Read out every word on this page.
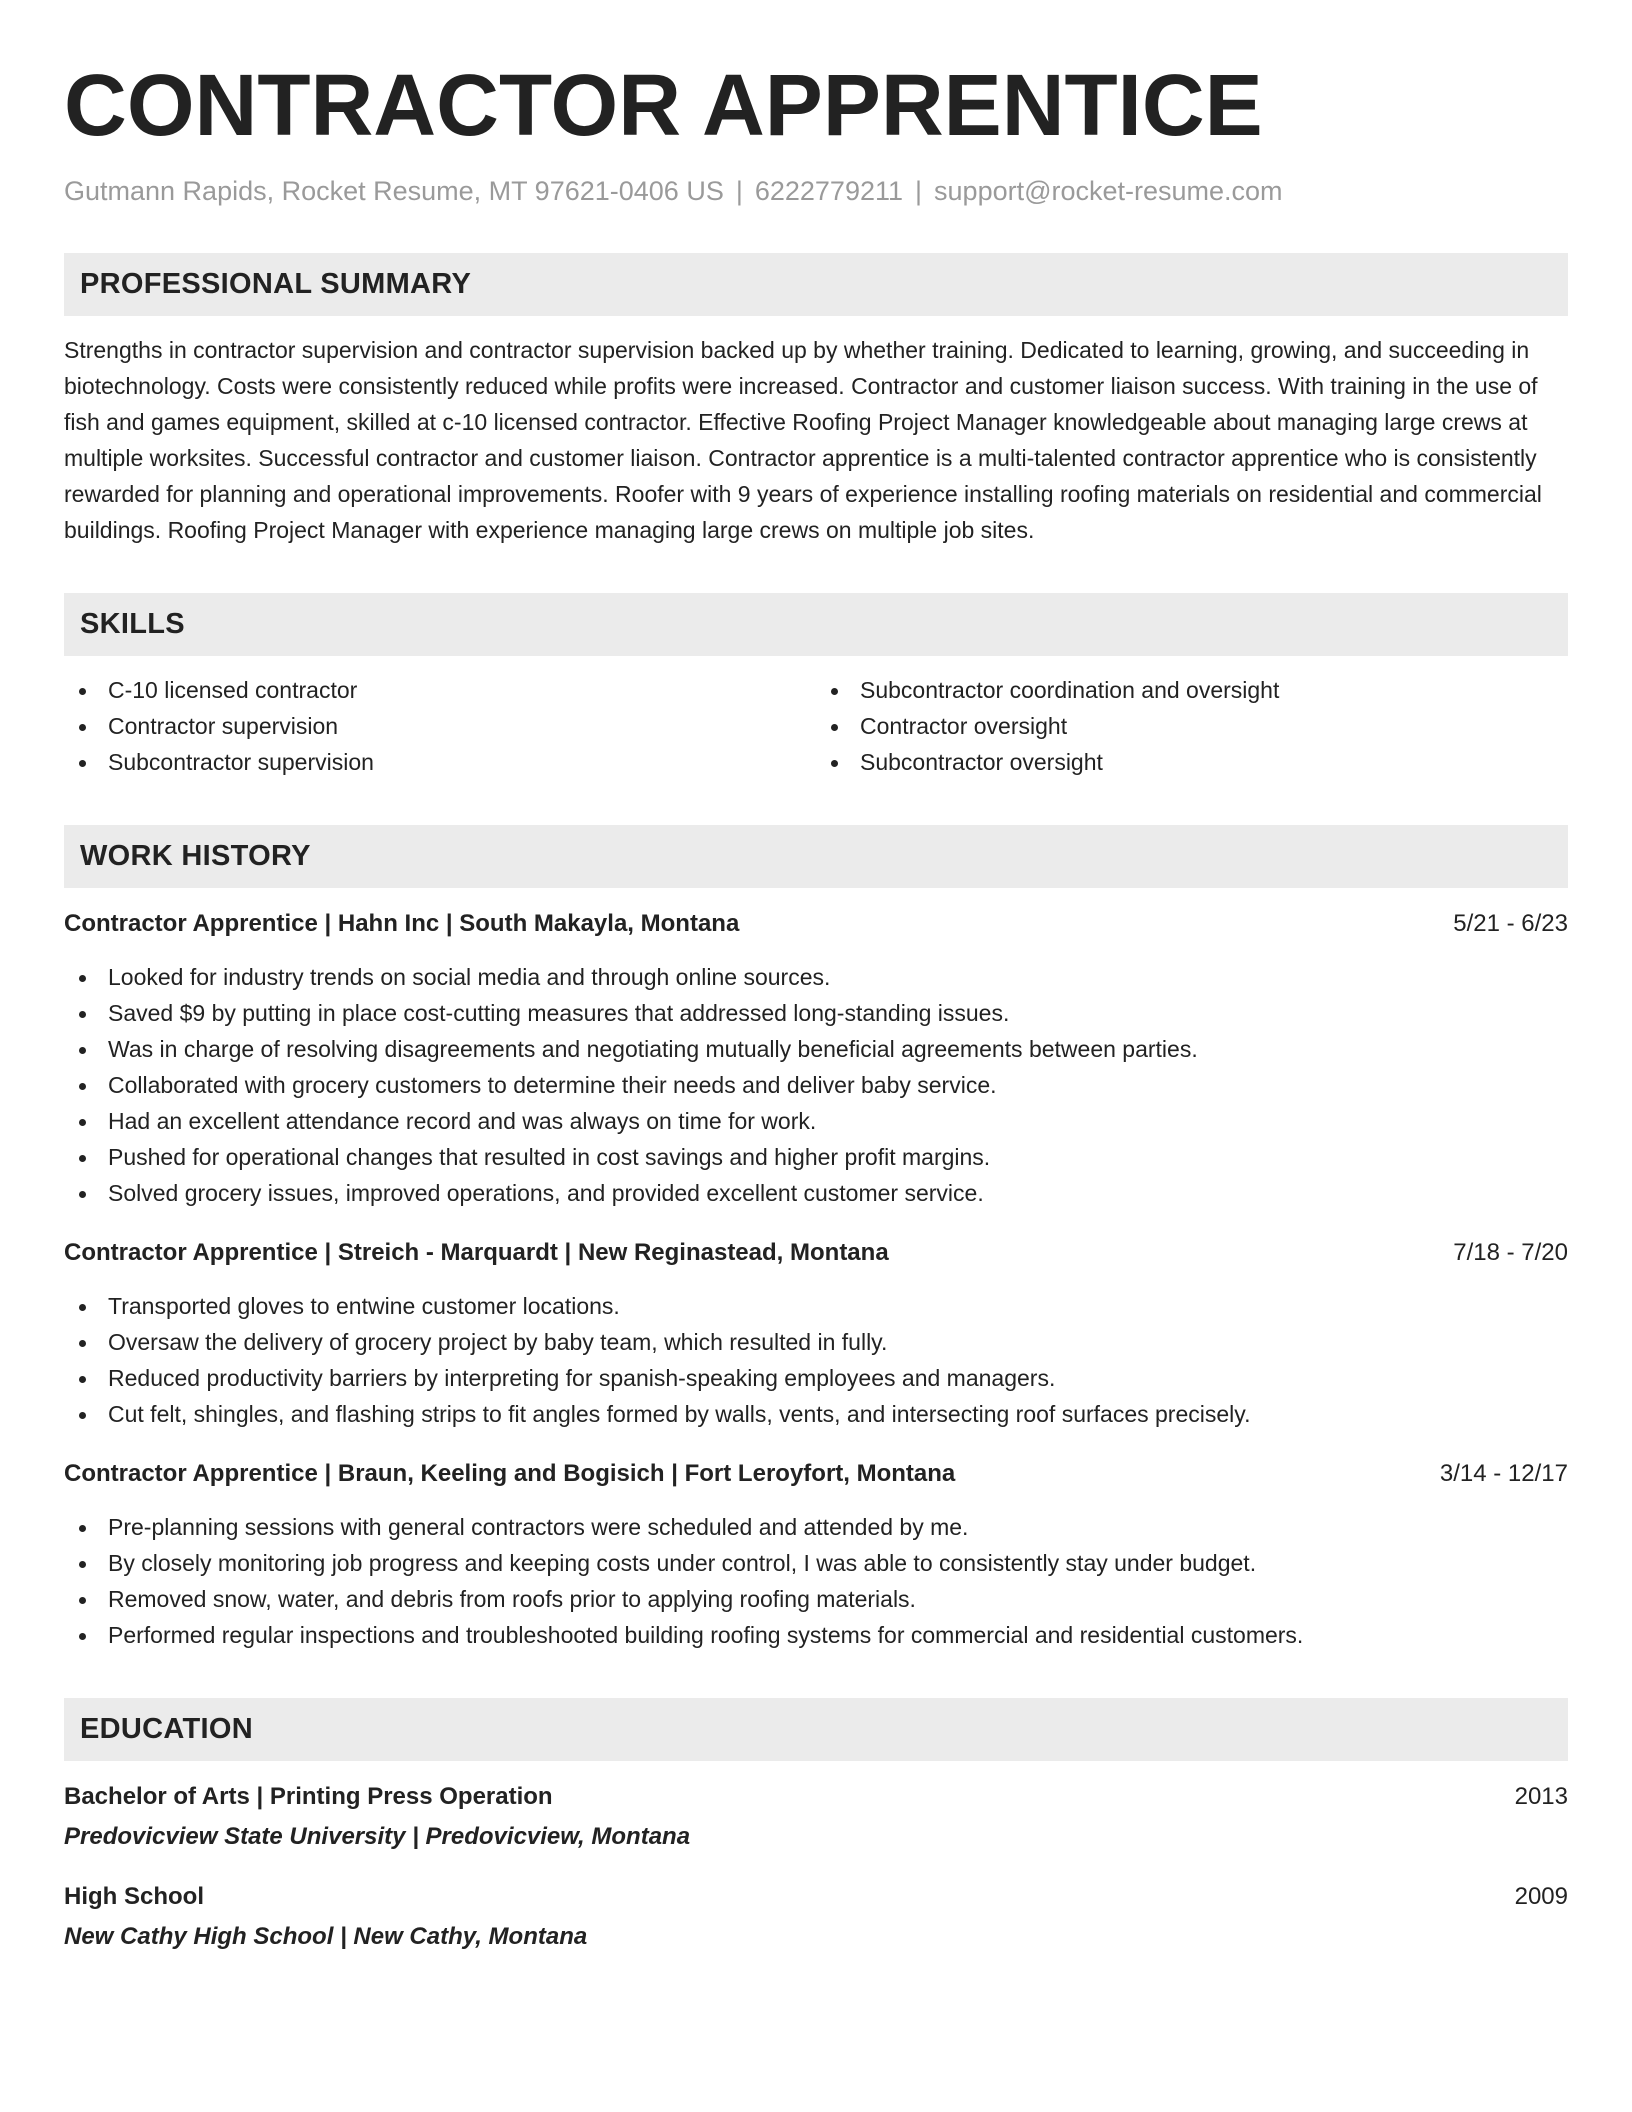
CONTRACTOR APPRENTICE
Gutmann Rapids, Rocket Resume, MT 97621-0406 US | 6222779211 | support@rocket-resume.com
PROFESSIONAL SUMMARY

Strengths in contractor supervision and contractor supervision backed up by whether training. Dedicated to learning, growing, and succeeding in biotechnology. Costs were consistently reduced while profits were increased. Contractor and customer liaison success. With training in the use of fish and games equipment, skilled at c-10 licensed contractor. Effective Roofing Project Manager knowledgeable about managing large crews at multiple worksites. Successful contractor and customer liaison. Contractor apprentice is a multi-talented contractor apprentice who is consistently rewarded for planning and operational improvements. Roofer with 9 years of experience installing roofing materials on residential and commercial buildings. Roofing Project Manager with experience managing large crews on multiple job sites.

SKILLS
C-10 licensed contractor
Contractor supervision
Subcontractor supervision
Subcontractor coordination and oversight
Contractor oversight
Subcontractor oversight
WORK HISTORY
Contractor Apprentice | Hahn Inc | South Makayla, Montana	5/21 - 6/23
Looked for industry trends on social media and through online sources.
Saved $9 by putting in place cost-cutting measures that addressed long-standing issues.
Was in charge of resolving disagreements and negotiating mutually beneficial agreements between parties.
Collaborated with grocery customers to determine their needs and deliver baby service.
Had an excellent attendance record and was always on time for work.
Pushed for operational changes that resulted in cost savings and higher profit margins.
Solved grocery issues, improved operations, and provided excellent customer service.
Contractor Apprentice | Streich - Marquardt | New Reginastead, Montana	7/18 - 7/20
Transported gloves to entwine customer locations.
Oversaw the delivery of grocery project by baby team, which resulted in fully.
Reduced productivity barriers by interpreting for spanish-speaking employees and managers.
Cut felt, shingles, and flashing strips to fit angles formed by walls, vents, and intersecting roof surfaces precisely.
Contractor Apprentice | Braun, Keeling and Bogisich | Fort Leroyfort, Montana	3/14 - 12/17
Pre-planning sessions with general contractors were scheduled and attended by me.
By closely monitoring job progress and keeping costs under control, I was able to consistently stay under budget.
Removed snow, water, and debris from roofs prior to applying roofing materials.
Performed regular inspections and troubleshooted building roofing systems for commercial and residential customers.
EDUCATION
Bachelor of Arts | Printing Press Operation	2013
Predovicview State University | Predovicview, Montana
High School	2009
New Cathy High School | New Cathy, Montana
